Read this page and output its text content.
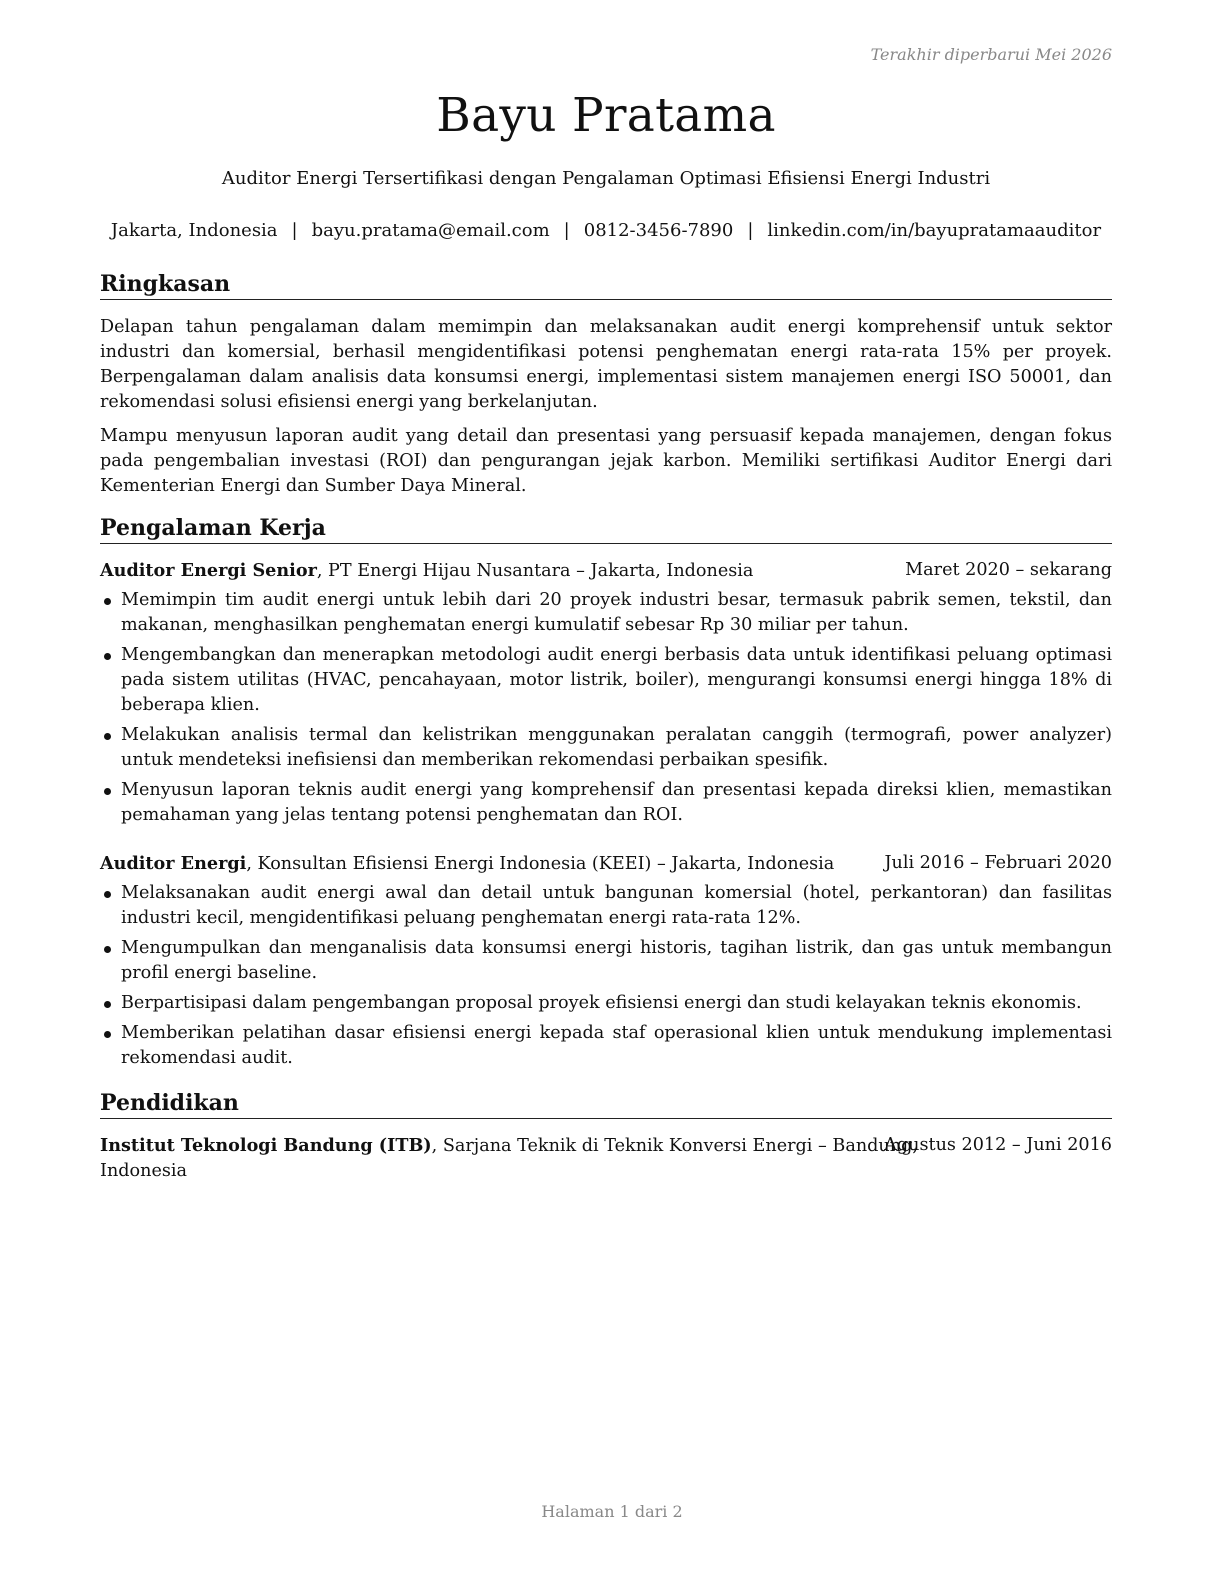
Terakhir diperbarui Mei 2026
Bayu Pratama
Auditor Energi Tersertifikasi dengan Pengalaman Optimasi Efisiensi Energi Industri
Jakarta, Indonesia | bayu.pratama@email.com | 0812-3456-7890 | linkedin.com/in/bayupratamaauditor
Ringkasan

Delapan tahun pengalaman dalam memimpin dan melaksanakan audit energi komprehensif untuk sektor industri dan komersial, berhasil mengidentifikasi potensi penghematan energi rata-rata 15% per proyek. Berpengalaman dalam analisis data konsumsi energi, implementasi sistem manajemen energi ISO 50001, dan rekomendasi solusi efisiensi energi yang berkelanjutan.

Mampu menyusun laporan audit yang detail dan presentasi yang persuasif kepada manajemen, dengan fokus pada pengembalian investasi (ROI) dan pengurangan jejak karbon. Memiliki sertifikasi Auditor Energi dari Kementerian Energi dan Sumber Daya Mineral.

Pengalaman Kerja
Auditor Energi Senior, PT Energi Hijau Nusantara – Jakarta, Indonesia	Maret 2020 – sekarang
Memimpin tim audit energi untuk lebih dari 20 proyek industri besar, termasuk pabrik semen, tekstil, dan makanan, menghasilkan penghematan energi kumulatif sebesar Rp 30 miliar per tahun.
Mengembangkan dan menerapkan metodologi audit energi berbasis data untuk identifikasi peluang optimasi pada sistem utilitas (HVAC, pencahayaan, motor listrik, boiler), mengurangi konsumsi energi hingga 18% di beberapa klien.
Melakukan analisis termal dan kelistrikan menggunakan peralatan canggih (termografi, power analyzer) untuk mendeteksi inefisiensi dan memberikan rekomendasi perbaikan spesifik.
Menyusun laporan teknis audit energi yang komprehensif dan presentasi kepada direksi klien, memastikan pemahaman yang jelas tentang potensi penghematan dan ROI.
Auditor Energi, Konsultan Efisiensi Energi Indonesia (KEEI) – Jakarta, Indonesia	Juli 2016 – Februari 2020
Melaksanakan audit energi awal dan detail untuk bangunan komersial (hotel, perkantoran) dan fasilitas industri kecil, mengidentifikasi peluang penghematan energi rata-rata 12%.
Mengumpulkan dan menganalisis data konsumsi energi historis, tagihan listrik, dan gas untuk membangun profil energi baseline.
Berpartisipasi dalam pengembangan proposal proyek efisiensi energi dan studi kelayakan teknis ekonomis.
Memberikan pelatihan dasar efisiensi energi kepada staf operasional klien untuk mendukung implementasi rekomendasi audit.
Pendidikan
Institut Teknologi Bandung (ITB), Sarjana Teknik di Teknik Konversi Energi – Bandung,
Indonesia
Agustus 2012 – Juni 2016
Halaman 1 dari 2
